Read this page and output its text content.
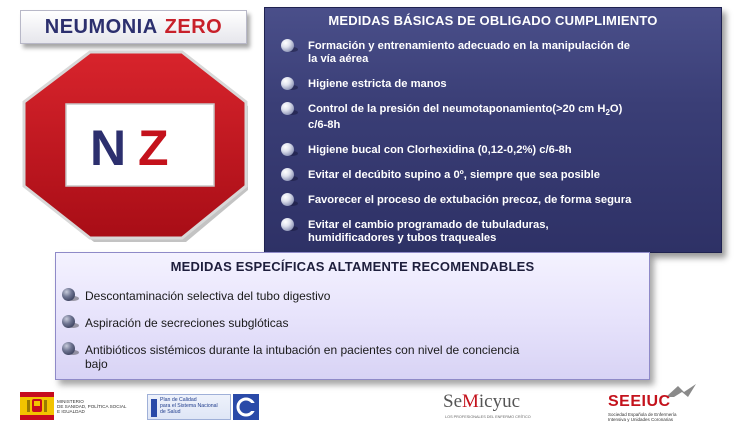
NEUMONIA ZERO
N Z
MEDIDAS BÁSICAS DE OBLIGADO CUMPLIMIENTO
Formación y entrenamiento adecuado en la manipulación de
la vía aérea
Higiene estricta de manos
Control de la presión del neumotaponamiento(>20 cm $H_2O$)
c/6-8h
Higiene bucal con Clorhexidina (0,12-0,2%) c/6-8h
Evitar el decúbito supino a 0º, siempre que sea posible
Favorecer el proceso de extubación precoz, de forma segura
Evitar el cambio programado de tubuladuras,
humidificadores y tubos traqueales
MEDIDAS ESPECÍFICAS ALTAMENTE RECOMENDABLES
Descontaminación selectiva del tubo digestivo
Aspiración de secreciones subglóticas
Antibióticos sistémicos durante la intubación en pacientes con nivel de conciencia
bajo
MINISTERIO
DE SANIDAD, POLÍTICA SOCIAL
E IGUALDAD
Plan de Calidad
para el Sistema Nacional
de Salud	SeMicyuc
LOS PROFESIONALES DEL ENFERMO CRÍTICO
SEEIUC
Sociedad Española de Enfermería
Intensiva y Unidades Coronarias
